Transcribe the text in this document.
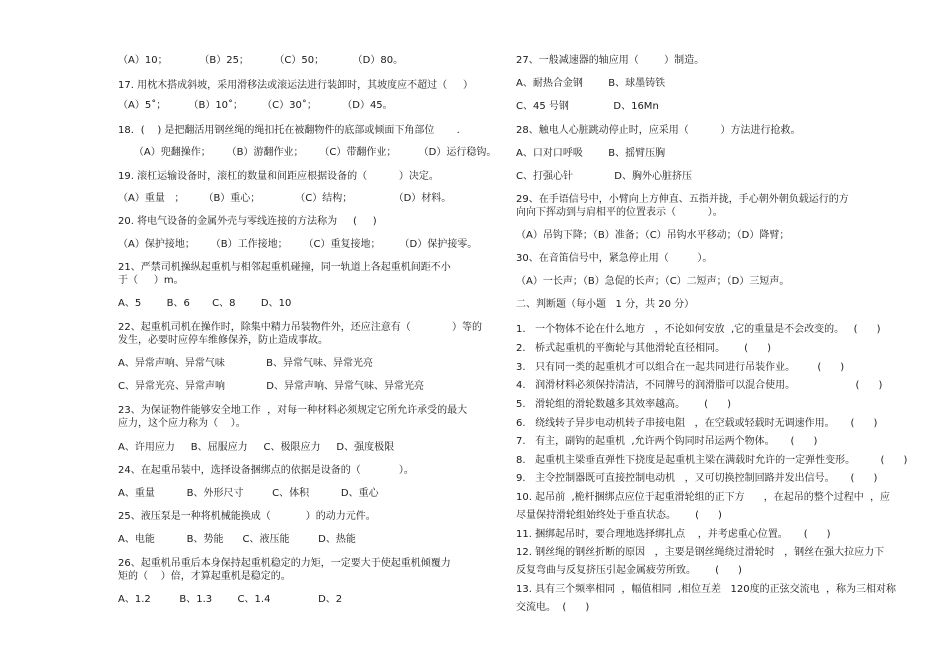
（A）10；          （B）25；        （C）50；         （D）80。
17. 用枕木搭成斜坡，采用滑移法或滚运法进行装卸时，其坡度应不超过（     ）
（A）5˚；       （B）10˚；      （C）30˚；        （D）45。
18．(    ) 是把翻活用钢丝绳的绳扣托在被翻物件的底部或倾面下角部位       .
（A）兜翻操作；     （B）游翻作业；     （C）带翻作业；       （D）运行稳钩。
19. 滚杠运输设备时，滚杠的数量和间距应根据设备的（          ）决定。
（A）重量   ；      （B）重心；           （C）结构；             （D）材料。
20. 将电气设备的金属外壳与零线连接的方法称为     (     )
（A）保护接地；     （B）工作接地；     （C）重复接地；      （D）保护接零。
21、严禁司机操纵起重机与相邻起重机碰撞，同一轨道上各起重机间距不小
于（     ）m。
A、5        B、6       C、8        D、10
22、起重机司机在操作时，除集中精力吊装物件外，还应注意有（             ）等的
发生，必要时应停车维修保养，防止造成事故。
A、异常声响、异常气味             B、异常气味、异常光亮
C、异常光亮、异常声响             D、异常声响、异常气味、异常光亮
23、为保证物件能够安全地工作  ，对每一种材料必须规定它所允许承受的最大
应力，这个应力称为（    ）。
A、许用应力     B、屈服应力     C、极限应力     D、强度极限
24、在起重吊装中，选择设备捆绑点的依据是设备的（            ）。
A、重量          B、外形尺寸         C、体积          D、重心
25、液压泵是一种将机械能换成（           ）的动力元件。
A、电能          B、势能      C、液压能         D、热能
26、起重机吊重后本身保持起重机稳定的力矩，一定要大于使起重机倾覆力
矩的（    ）倍，才算起重机是稳定的。
A、1.2         B、1.3        C、1.4               D、2
27、一般减速器的轴应用（        ）制造。
A、耐热合金钢        B、球墨铸铁
C、45 号钢              D、16Mn
28、触电人心脏跳动停止时，应采用（          ）方法进行抢救。
A、口对口呼吸        B、摇臂压胸
C、打强心针             D、胸外心脏挤压
29、在手语信号中，小臂向上方伸直、五指并拢，手心朝外朝负载运行的方
向向下挥动到与肩相平的位置表示（          ）。
（A）吊钩下降；（B）准备；（C）吊钩水平移动；（D）降臂；
30、在音笛信号中，紧急停止用（         ）。
（A）一长声；（B）急促的长声；（C）二短声；（D）三短声。
二、判断题（每小题   1 分，共 20 分）
1.   一个物体不论在什么地方   ，不论如何安放  ,它的重量是不会改变的。   (      )
2.   桥式起重机的平衡轮与其他滑轮直径相同。      (      )
3.   只有同一类的起重机才可以组合在一起共同进行吊装作业。       (      )
4.   润滑材料必须保持清洁，不同牌号的润滑脂可以混合使用。                   (      )
5.   滑轮组的滑轮数越多其效率越高。      (      )
6.   绕线转子异步电动机转子串接电阻   ，在空载或轻载时无调速作用。     (      )
7.   有主，副钩的起重机  ,允许两个钩同时吊运两个物体。     (      )
8.   起重机主梁垂直弹性下挠度是起重机主梁在满载时允许的一定弹性变形。        (      )
9.   主令控制器既可直接控制电动机   ，又可切换控制回路并发出信号。     (      )
10. 起吊前  ,桅杆捆绑点应位于起重滑轮组的正下方      ，在起吊的整个过程中  ，应
尽量保持滑轮组始终处于垂直状态。      (      )
11. 捆绑起吊时，要合理地选择绑扎点    ，并考虑重心位置。     (      )
12. 钢丝绳的钢丝折断的原因   ，主要是钢丝绳绕过滑轮时   ，钢丝在强大拉应力下
反复弯曲与反复挤压引起金属疲劳所致。      (      )
13. 具有三个频率相同  ，幅值相同  ,相位互差   120度的正弦交流电  ，称为三相对称
交流电。  (      )
